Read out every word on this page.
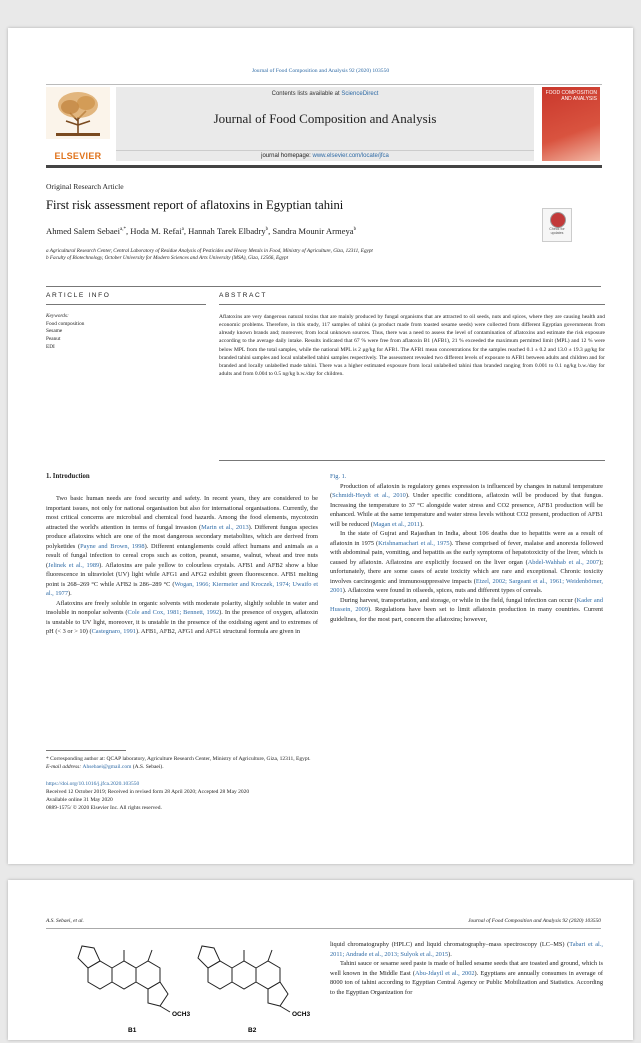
Journal of Food Composition and Analysis 92 (2020) 103550
ELSEVIER
Contents lists available at ScienceDirect
Journal of Food Composition and Analysis
journal homepage: www.elsevier.com/locate/jfca
FOOD COMPOSITION AND ANALYSIS
Original Research Article
First risk assessment report of aflatoxins in Egyptian tahini
Ahmed Salem Sebaei$^{a,*}$, Hoda M. Refai$^a$, Hannah Tarek Elbadry$^b$, Sandra Mounir Armeya$^b$
a Agricultural Research Center, Central Laboratory of Residue Analysis of Pesticides and Heavy Metals in Food, Ministry of Agriculture, Giza, 12311, Egypt
b Faculty of Biotechnology, October University for Modern Sciences and Arts University (MSA), Giza, 12566, Egypt
Check for updates
ARTICLE INFO	ABSTRACT
Keywords:
Food composition
Sesame
Peanut
EDI
Aflatoxins are very dangerous natural toxins that are mainly produced by fungal organisms that are attracted to oil seeds, nuts and spices, where they are causing health and economic problems. Therefore, in this study, 117 samples of tahini (a product made from toasted sesame seeds) were collected from different Egyptian governments from already known brands and; moreover, from local unknown sources. Thus, there was a need to assess the level of contamination of aflatoxins and estimate the risk exposure according to the average daily intake. Results indicated that 67 % were free from aflatoxin B1 (AFB1), 21 % exceeded the maximum permitted limit (MPL) and 12 % were below MPL from the total samples, while the national MPL is 2 μg/kg for AFB1. The AFB1 mean concentrations for the samples reached 0.1 ± 0.2 and 13.0 ± 19.3 μg/kg for branded tahini samples and local unlabelled tahini samples respectively. The assessment revealed two different levels of exposure to AFB1 between adults and children and for branded and locally unlabelled made tahini. There was a higher estimated exposure from local unlabelled tahini than branded ranging from 0.001 to 0.1 ng/kg b.w./day for adults and from 0.004 to 0.5 ng/kg b.w./day for children.

1. Introduction

Two basic human needs are food security and safety. In recent years, they are considered to be important issues, not only for national organisation but also for international organisations. Currently, the most critical concerns are microbial and chemical food hazards. Among the food elements, mycotoxin attracted the world's attention in terms of fungal invasion (Marin et al., 2013). Different fungus species produce aflatoxins which are one of the most dangerous secondary metabolites, which are derived from polyketides (Payne and Brown, 1998). Different entanglements could affect humans and animals as a result of fungal infection to cereal crops such as cotton, peanut, sesame, walnut, wheat and tree nuts (Jelinek et al., 1989). Aflatoxins are pale yellow to colourless crystals. AFB1 and AFB2 show a blue fluorescence in ultraviolet (UV) light while AFG1 and AFG2 exhibit green fluorescence. AFB1 melting point is 268–269 °C while AFB2 is 286–289 °C (Wogan, 1966; Kiermeier and Kroczek, 1974; Uwaifo et al., 1977).

Aflatoxins are freely soluble in organic solvents with moderate polarity, slightly soluble in water and insoluble in nonpolar solvents (Cole and Cox, 1981; Bennett, 1992). In the presence of oxygen, aflatoxin is unstable to UV light, moreover, it is unstable in the presence of the oxidising agent and to extremes of pH (< 3 or > 10) (Castegnaro, 1991). AFB1, AFB2, AFG1 and AFG1 structural formula are given in

Fig. 1.

Production of aflatoxin is regulatory genes expression is influenced by changes in natural temperature (Schmidt-Heydt et al., 2010). Under specific conditions, aflatoxin will be produced by that fungus. Increasing the temperature to 37 °C alongside water stress and CO2 presence, AFB1 production will be enhanced. While at the same temperature and water stress levels without CO2 present, production of AFB1 will be reduced (Magan et al., 2011).

In the state of Gujrat and Rajasthan in India, about 106 deaths due to hepatitis were as a result of aflatoxin in 1975 (Krishnamachari et al., 1975). These comprised of fever, malaise and anorexia followed with abdominal pain, vomiting, and hepatitis as the early symptoms of hepatotoxicity of the liver, which is caused by aflatoxin. Aflatoxins are explicitly focused on the liver organ (Abdel-Wahhab et al., 2007); unfortunately, there are some cases of acute toxicity which are rare and exceptional. Chronic toxicity involves carcinogenic and immunosuppressive impacts (Etzel, 2002; Sargeant et al., 1961; Weidenbörner, 2001). Aflatoxins were found in oilseeds, spices, nuts and different types of cereals.

During harvest, transportation, and storage, or while in the field, fungal infection can occur (Kader and Hussein, 2009). Regulations have been set to limit aflatoxin production in many countries. Current guidelines, for the most part, concern the aflatoxins; however,

* Corresponding author at: QCAP laboratory, Agriculture Research Center, Ministry of Agriculture, Giza, 12311, Egypt.
E-mail address: Ahsebaei@gmail.com (A.S. Sebaei).
https://doi.org/10.1016/j.jfca.2020.103550
Received 12 October 2019; Received in revised form 28 April 2020; Accepted 28 May 2020
Available online 31 May 2020
0889-1575/ © 2020 Elsevier Inc. All rights reserved.
A.S. Sebaei, et al.	Journal of Food Composition and Analysis 92 (2020) 103550
OCH3	OCH3
B1	B2

liquid chromatography (HPLC) and liquid chromatography–mass spectroscopy (LC–MS) (Tabari et al., 2011; Andrade et al., 2013; Sulyok et al., 2015).

Tahini sauce or sesame seed paste is made of hulled sesame seeds that are toasted and ground, which is well known in the Middle East (Abu-Jdayil et al., 2002). Egyptians are annually consumes in average of 8000 ton of tahini according to Egyptian Central Agency or Public Mobilization and Statistics. According to the Egyptian Organization for
